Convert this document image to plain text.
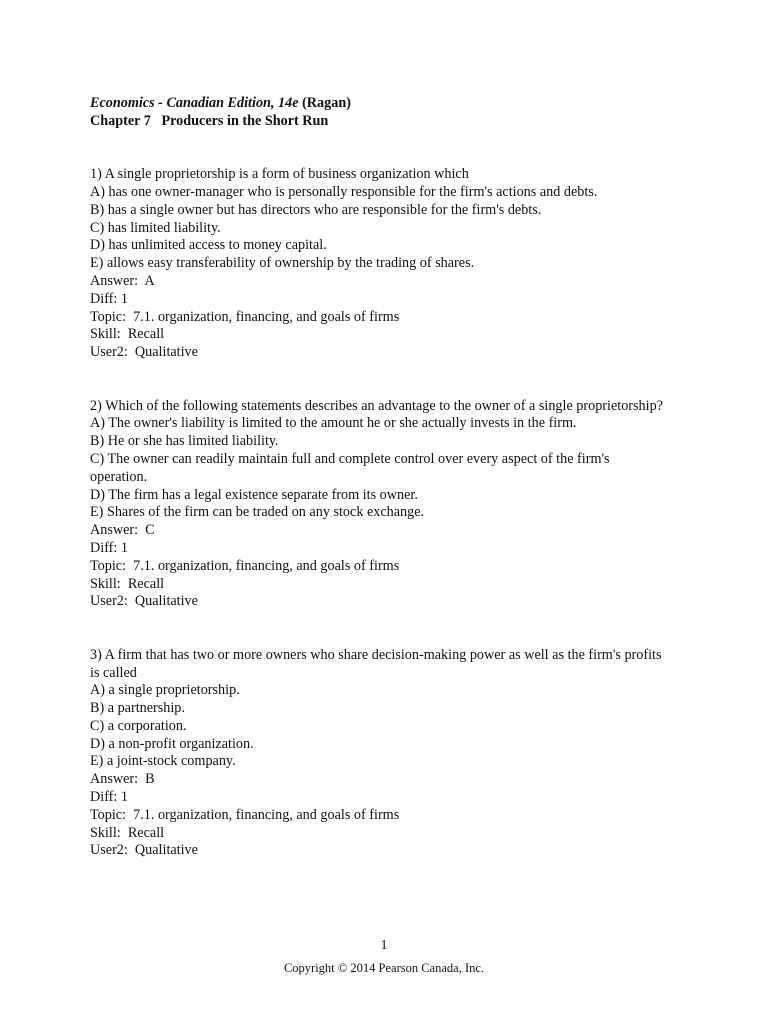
Economics - Canadian Edition, 14e (Ragan)
Chapter 7   Producers in the Short Run
1) A single proprietorship is a form of business organization which
A) has one owner-manager who is personally responsible for the firm's actions and debts.
B) has a single owner but has directors who are responsible for the firm's debts.
C) has limited liability.
D) has unlimited access to money capital.
E) allows easy transferability of ownership by the trading of shares.
Answer:  A
Diff: 1
Topic:  7.1. organization, financing, and goals of firms
Skill:  Recall
User2:  Qualitative
2) Which of the following statements describes an advantage to the owner of a single proprietorship?
A) The owner's liability is limited to the amount he or she actually invests in the firm.
B) He or she has limited liability.
C) The owner can readily maintain full and complete control over every aspect of the firm's operation.
D) The firm has a legal existence separate from its owner.
E) Shares of the firm can be traded on any stock exchange.
Answer:  C
Diff: 1
Topic:  7.1. organization, financing, and goals of firms
Skill:  Recall
User2:  Qualitative
3) A firm that has two or more owners who share decision-making power as well as the firm's profits is called
A) a single proprietorship.
B) a partnership.
C) a corporation.
D) a non-profit organization.
E) a joint-stock company.
Answer:  B
Diff: 1
Topic:  7.1. organization, financing, and goals of firms
Skill:  Recall
User2:  Qualitative
1
Copyright © 2014 Pearson Canada, Inc.
